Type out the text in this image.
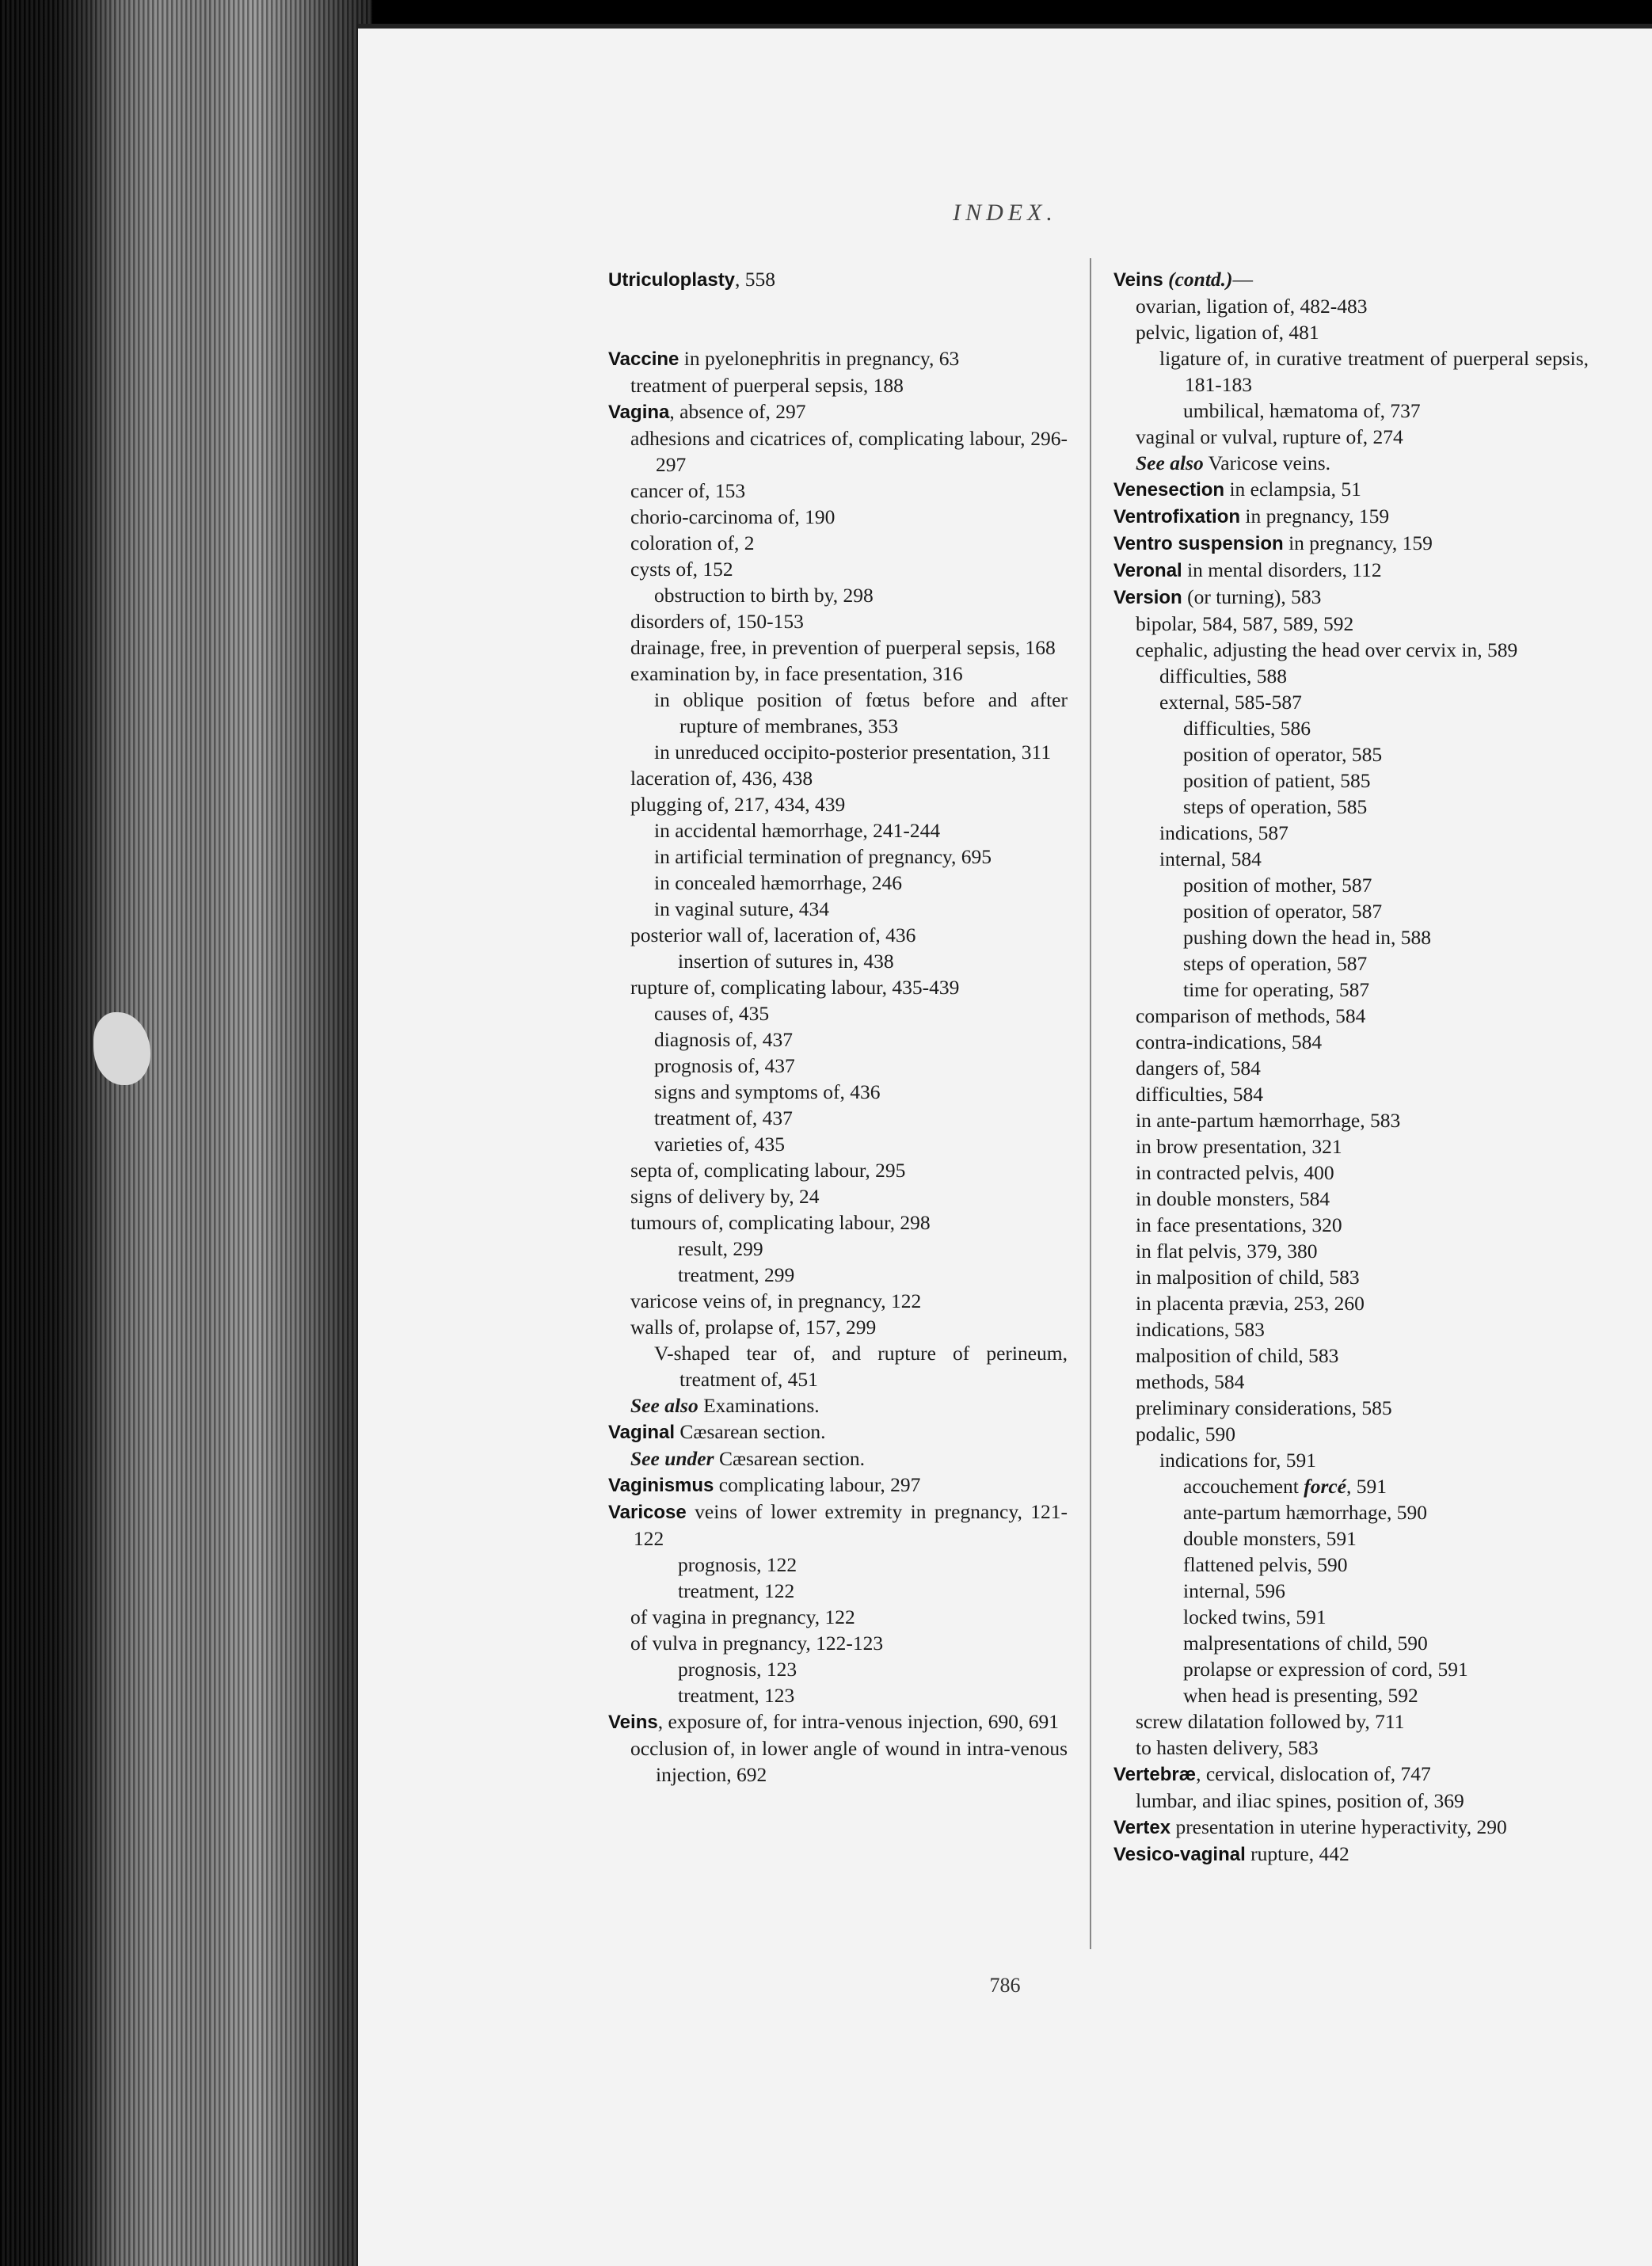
INDEX.
Utriculoplasty, 558
Vaccine in pyelonephritis in pregnancy, 63
treatment of puerperal sepsis, 188
Vagina, absence of, 297
adhesions and cicatrices of, complicating labour, 296-297
cancer of, 153
chorio-carcinoma of, 190
coloration of, 2
cysts of, 152
obstruction to birth by, 298
disorders of, 150-153
drainage, free, in prevention of puerperal sepsis, 168
examination by, in face presentation, 316
in oblique position of fœtus before and after rupture of membranes, 353
in unreduced occipito-posterior presentation, 311
laceration of, 436, 438
plugging of, 217, 434, 439
in accidental hæmorrhage, 241-244
in artificial termination of pregnancy, 695
in concealed hæmorrhage, 246
in vaginal suture, 434
posterior wall of, laceration of, 436
insertion of sutures in, 438
rupture of, complicating labour, 435-439
causes of, 435
diagnosis of, 437
prognosis of, 437
signs and symptoms of, 436
treatment of, 437
varieties of, 435
septa of, complicating labour, 295
signs of delivery by, 24
tumours of, complicating labour, 298
result, 299
treatment, 299
varicose veins of, in pregnancy, 122
walls of, prolapse of, 157, 299
V-shaped tear of, and rupture of perineum, treatment of, 451
See also Examinations.
Vaginal Cæsarean section.
See under Cæsarean section.
Vaginismus complicating labour, 297
Varicose veins of lower extremity in pregnancy, 121-122
prognosis, 122
treatment, 122
of vagina in pregnancy, 122
of vulva in pregnancy, 122-123
prognosis, 123
treatment, 123
Veins, exposure of, for intra-venous injection, 690, 691
occlusion of, in lower angle of wound in intra-venous injection, 692
Veins (contd.)—
ovarian, ligation of, 482-483
pelvic, ligation of, 481
ligature of, in curative treatment of puerperal sepsis, 181-183
umbilical, hæmatoma of, 737
vaginal or vulval, rupture of, 274
See also Varicose veins.
Venesection in eclampsia, 51
Ventrofixation in pregnancy, 159
Ventro suspension in pregnancy, 159
Veronal in mental disorders, 112
Version (or turning), 583
bipolar, 584, 587, 589, 592
cephalic, adjusting the head over cervix in, 589
difficulties, 588
external, 585-587
difficulties, 586
position of operator, 585
position of patient, 585
steps of operation, 585
indications, 587
internal, 584
position of mother, 587
position of operator, 587
pushing down the head in, 588
steps of operation, 587
time for operating, 587
comparison of methods, 584
contra-indications, 584
dangers of, 584
difficulties, 584
in ante-partum hæmorrhage, 583
in brow presentation, 321
in contracted pelvis, 400
in double monsters, 584
in face presentations, 320
in flat pelvis, 379, 380
in malposition of child, 583
in placenta prævia, 253, 260
indications, 583
malposition of child, 583
methods, 584
preliminary considerations, 585
podalic, 590
indications for, 591
accouchement forcé, 591
ante-partum hæmorrhage, 590
double monsters, 591
flattened pelvis, 590
internal, 596
locked twins, 591
malpresentations of child, 590
prolapse or expression of cord, 591
when head is presenting, 592
screw dilatation followed by, 711
to hasten delivery, 583
Vertebræ, cervical, dislocation of, 747
lumbar, and iliac spines, position of, 369
Vertex presentation in uterine hyperactivity, 290
Vesico-vaginal rupture, 442
786
